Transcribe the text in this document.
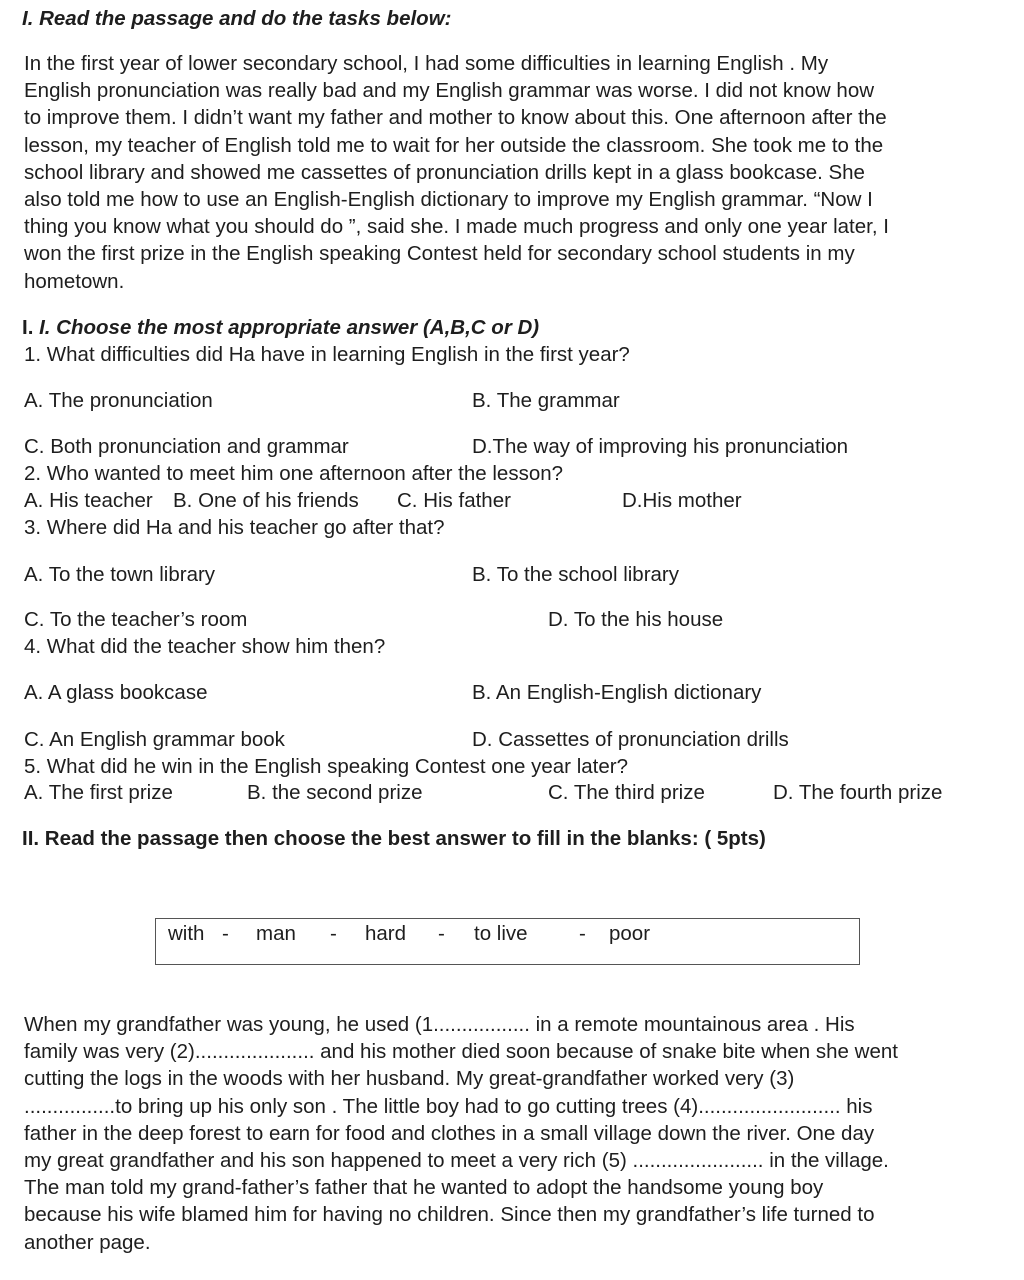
I. Read the passage and do the tasks below:
In the first year of lower secondary school, I had some difficulties in learning English . My
English pronunciation was really bad and my English grammar was worse. I did not know how
to improve them. I didn’t want my father and mother to know about this. One afternoon after the
lesson, my teacher of English told me to wait for her outside the classroom. She took me to the
school library and showed me cassettes of pronunciation drills kept in a glass bookcase. She
also told me how to use an English-English dictionary to improve my English grammar. “Now I
thing you know what you should do ”, said she. I made much progress and only one year later, I
won the first prize in the English speaking Contest held for secondary school students in my
hometown.
I. I. Choose the most appropriate answer (A,B,C or D)
1. What difficulties did Ha have in learning English in the first year?
A. The pronunciation	B. The grammar
C. Both pronunciation and grammar	D.The way of improving his pronunciation
2. Who wanted to meet him one afternoon after the lesson?
A. His teacher B. One of his friends C. His father	D.His mother
3. Where did Ha and his teacher go after that?
A. To the town library	B. To the school library
C. To the teacher’s room	D. To the his house
4. What did the teacher show him then?
A. A glass bookcase	B. An English-English dictionary
C. An English grammar book	D. Cassettes of pronunciation drills
5. What did he win in the English speaking Contest one year later?
A. The first prize	B. the second prize	C. The third prize	D. The fourth prize
II. Read the passage then choose the best answer to fill in the blanks: ( 5pts)
with - man - hard - to live	- poor
When my grandfather was young, he used (1................. in a remote mountainous area . His
family was very (2)..................... and his mother died soon because of snake bite when she went
cutting the logs in the woods with her husband. My great-grandfather worked very (3)
................to bring up his only son . The little boy had to go cutting trees (4)......................... his
father in the deep forest to earn for food and clothes in a small village down the river. One day
my great grandfather and his son happened to meet a very rich (5) ....................... in the village.
The man told my grand-father’s father that he wanted to adopt the handsome young boy
because his wife blamed him for having no children. Since then my grandfather’s life turned to
another page.
